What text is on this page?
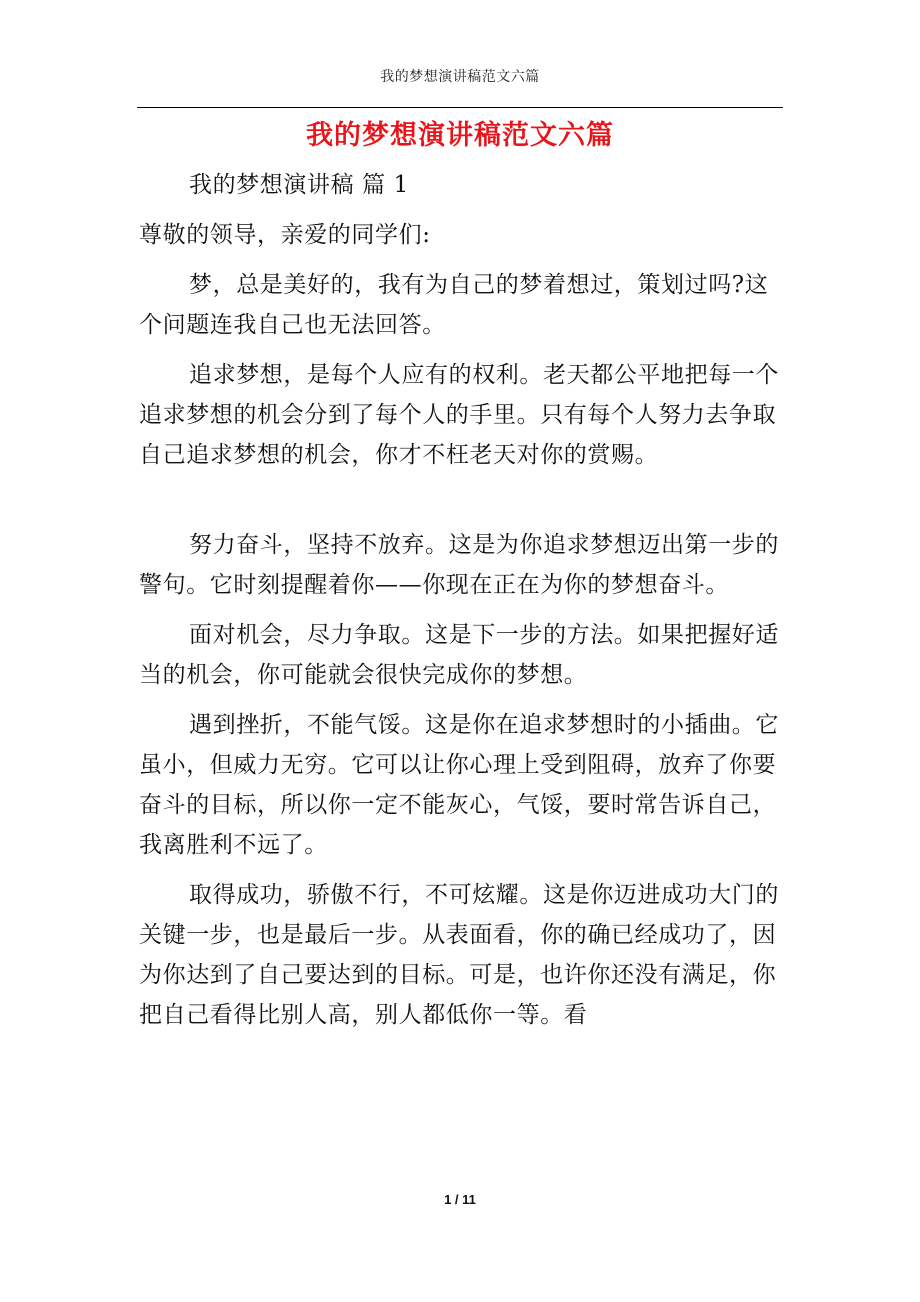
我的梦想演讲稿范文六篇
我的梦想演讲稿范文六篇

我的梦想演讲稿 篇 1

尊敬的领导，亲爱的同学们:

梦，总是美好的，我有为自己的梦着想过，策划过吗?这个问题连我自己也无法回答。

追求梦想，是每个人应有的权利。老天都公平地把每一个追求梦想的机会分到了每个人的手里。只有每个人努力去争取自己追求梦想的机会，你才不枉老天对你的赏赐。

努力奋斗，坚持不放弃。这是为你追求梦想迈出第一步的警句。它时刻提醒着你——你现在正在为你的梦想奋斗。

面对机会，尽力争取。这是下一步的方法。如果把握好适当的机会，你可能就会很快完成你的梦想。

遇到挫折，不能气馁。这是你在追求梦想时的小插曲。它虽小，但威力无穷。它可以让你心理上受到阻碍，放弃了你要奋斗的目标，所以你一定不能灰心，气馁，要时常告诉自己，我离胜利不远了。

取得成功，骄傲不行，不可炫耀。这是你迈进成功大门的关键一步，也是最后一步。从表面看，你的确已经成功了，因为你达到了自己要达到的目标。可是，也许你还没有满足，你把自己看得比别人高，别人都低你一等。看

1 / 11
